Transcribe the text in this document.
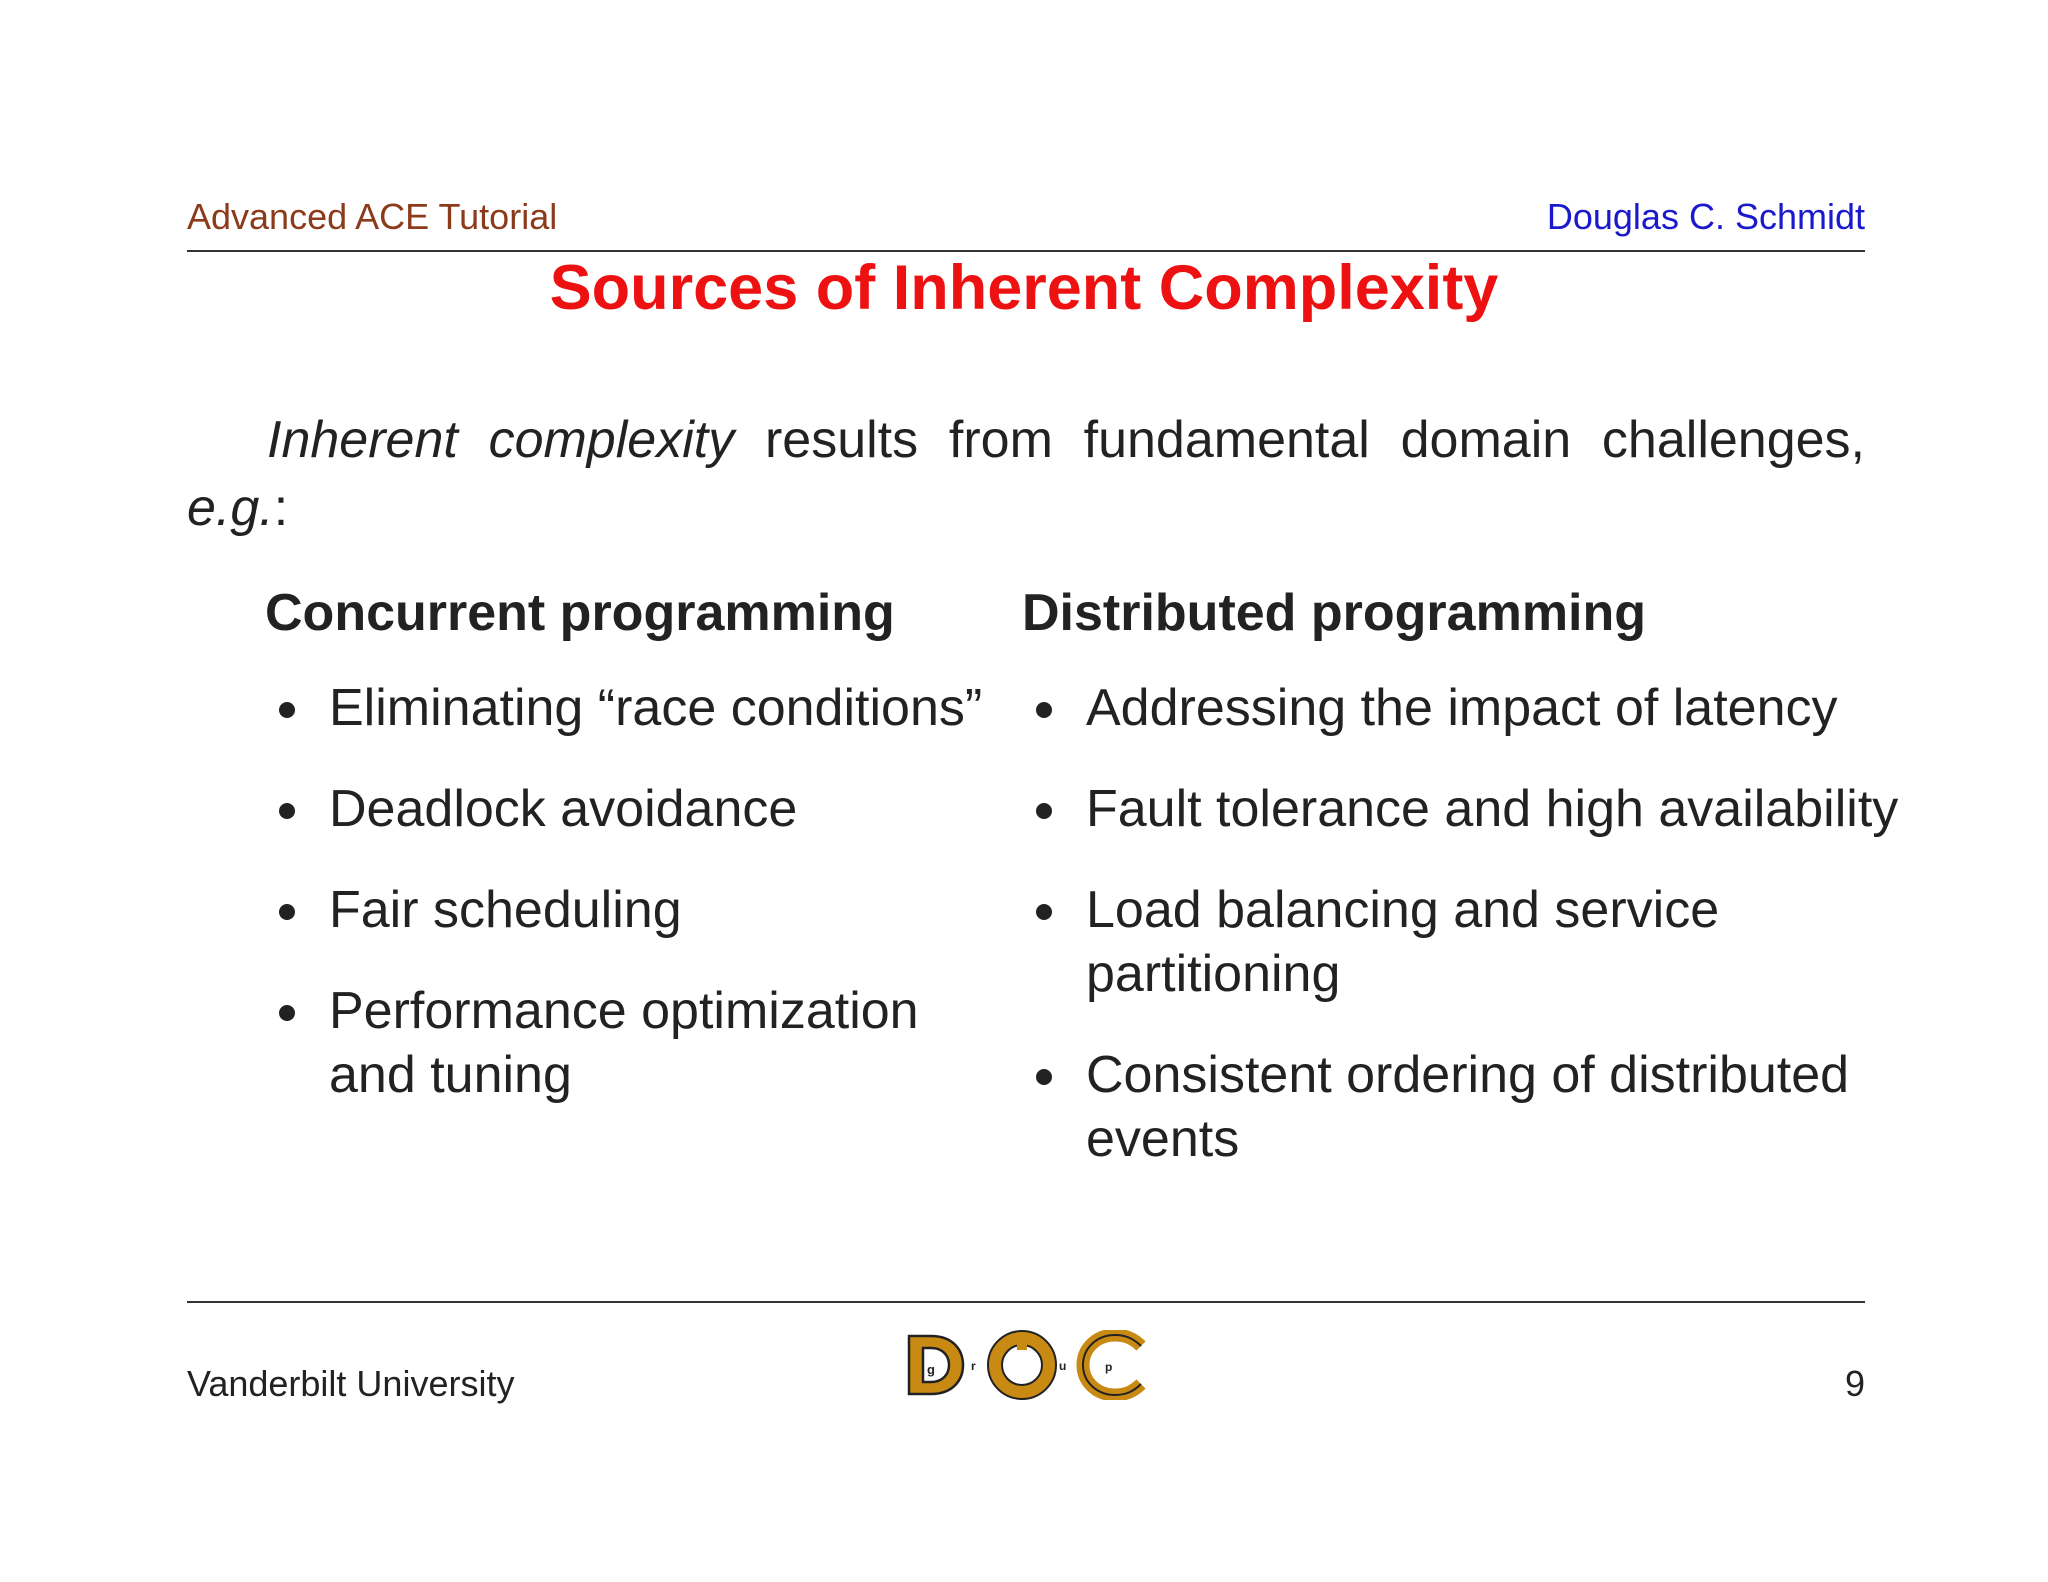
Advanced ACE Tutorial	Douglas C. Schmidt
Sources of Inherent Complexity
Inherent complexity results from fundamental domain challenges, e.g.:
Concurrent programming
Eliminating “race conditions”
Deadlock avoidance
Fair scheduling
Performance optimization and tuning
Distributed programming
Addressing the impact of latency
Fault tolerance and high availability
Load balancing and service partitioning
Consistent ordering of distributed events
Vanderbilt University	g	r	u	p	9
